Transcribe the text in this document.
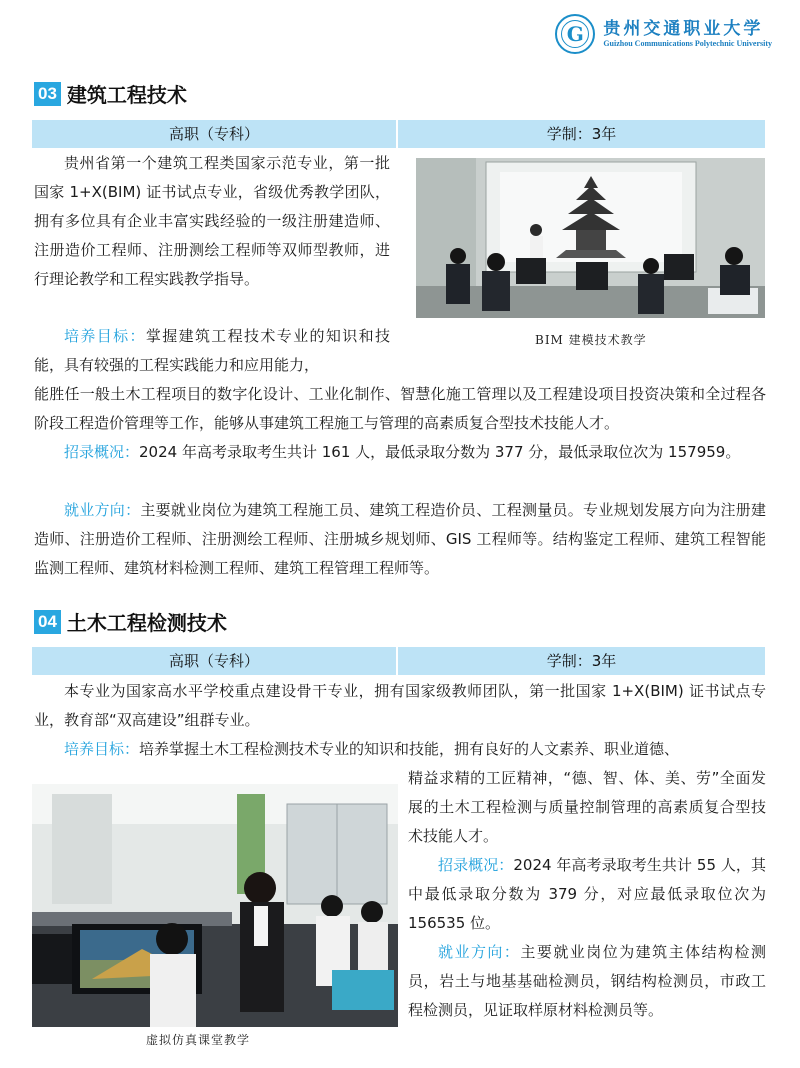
G 贵州交通职业大学
Guizhou Communications Polytechnic University
03 建筑工程技术
高职（专科）	学制：3年
贵州省第一个建筑工程类国家示范专业，第一批国家 1+X(BIM) 证书试点专业，省级优秀教学团队，拥有多位具有企业丰富实践经验的一级注册建造师、注册造价工程师、注册测绘工程师等双师型教师，进行理论教学和工程实践教学指导。
培养目标：掌握建筑工程技术专业的知识和技能，具有较强的工程实践能力和应用能力，
能胜任一般土木工程项目的数字化设计、工业化制作、智慧化施工管理以及工程建设项目投资决策和全过程各阶段工程造价管理等工作，能够从事建筑工程施工与管理的高素质复合型技术技能人才。
招录概况：2024 年高考录取考生共计 161 人，最低录取分数为 377 分，最低录取位次为 157959。
就业方向：主要就业岗位为建筑工程施工员、建筑工程造价员、工程测量员。专业规划发展方向为注册建造师、注册造价工程师、注册测绘工程师、注册城乡规划师、GIS 工程师等。结构鉴定工程师、建筑工程智能监测工程师、建筑材料检测工程师、建筑工程管理工程师等。
BIM 建模技术教学
04 土木工程检测技术
高职（专科）	学制：3年
本专业为国家高水平学校重点建设骨干专业，拥有国家级教师团队，第一批国家 1+X(BIM) 证书试点专业，教育部“双高建设”组群专业。
培养目标：培养掌握土木工程检测技术专业的知识和技能，拥有良好的人文素养、职业道德、
精益求精的工匠精神，“德、智、体、美、劳”全面发展的土木工程检测与质量控制管理的高素质复合型技术技能人才。
招录概况：2024 年高考录取考生共计 55 人，其中最低录取分数为 379 分，对应最低录取位次为 156535 位。
就业方向：主要就业岗位为建筑主体结构检测员，岩土与地基基础检测员，钢结构检测员，市政工程检测员，见证取样原材料检测员等。
虚拟仿真课堂教学
